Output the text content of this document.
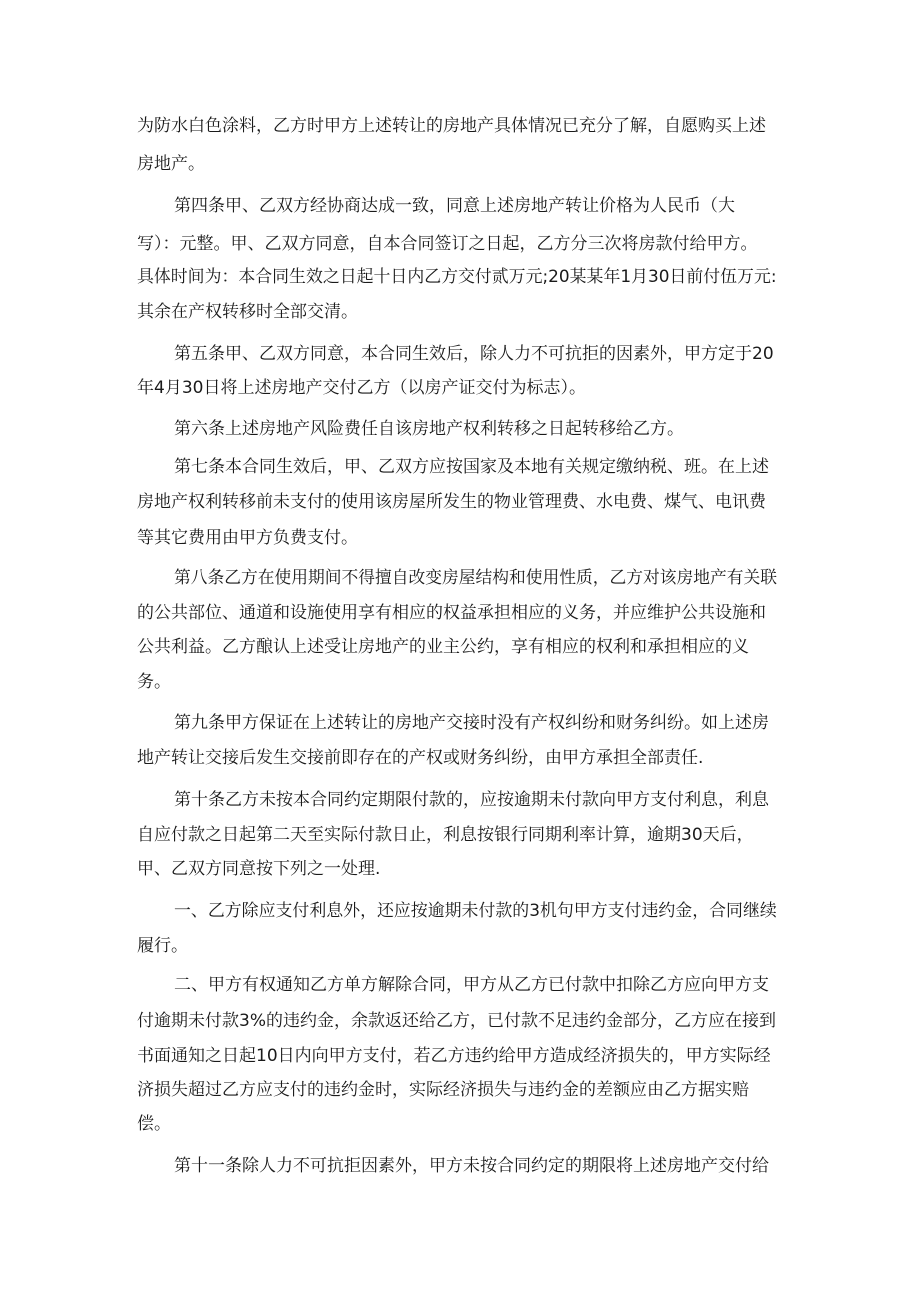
为防水白色涂料，乙方时甲方上述转让的房地产具体情况已充分了解，自愿购买上述
房地产。
第四条甲、乙双方经协商达成一致，同意上述房地产转让价格为人民币（大
写）：元整。甲、乙双方同意，自本合同签订之日起，乙方分三次将房款付给甲方。
具体时间为：本合同生效之日起十日内乙方交付贰万元;20某某年1月30日前付伍万元:
其余在产权转移时全部交清。
第五条甲、乙双方同意，本合同生效后，除人力不可抗拒的因素外，甲方定于20
年4月30日将上述房地产交付乙方（以房产证交付为标志）。
第六条上述房地产风险费任自该房地产权利转移之日起转移给乙方。
第七条本合同生效后，甲、乙双方应按国家及本地有关规定缴纳税、班。在上述
房地产权利转移前未支付的使用该房屋所发生的物业管理费、水电费、煤气、电讯费
等其它费用由甲方负费支付。
第八条乙方在使用期间不得擅自改变房屋结构和使用性质，乙方对该房地产有关联
的公共部位、通道和设施使用享有相应的权益承担相应的义务，并应维护公共设施和
公共利益。乙方酿认上述受让房地产的业主公约，享有相应的权利和承担相应的义
务。
第九条甲方保证在上述转让的房地产交接时没有产权纠纷和财务纠纷。如上述房
地产转让交接后发生交接前即存在的产权或财务纠纷，由甲方承担全部责任.
第十条乙方未按本合同约定期限付款的，应按逾期未付款向甲方支付利息，利息
自应付款之日起第二天至实际付款日止，利息按银行同期利率计算，逾期30天后，
甲、乙双方同意按下列之一处理.
一、乙方除应支付利息外，还应按逾期未付款的3机句甲方支付违约金，合同继续
履行。
二、甲方有权通知乙方单方解除合同，甲方从乙方已付款中扣除乙方应向甲方支
付逾期未付款3%的违约金，余款返还给乙方，已付款不足违约金部分，乙方应在接到
书面通知之日起10日内向甲方支付，若乙方违约给甲方造成经济损失的，甲方实际经
济损失超过乙方应支付的违约金时，实际经济损失与违约金的差额应由乙方据实赔
偿。
第十一条除人力不可抗拒因素外，甲方未按合同约定的期限将上述房地产交付给
